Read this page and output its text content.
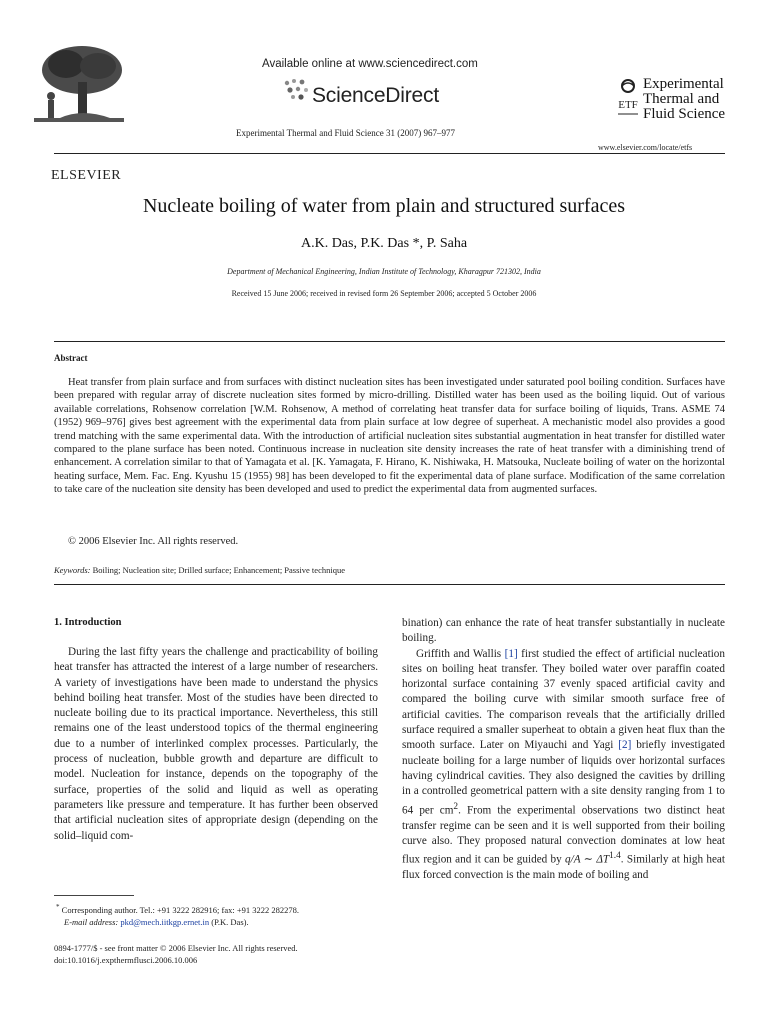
ELSEVIER
Available online at www.sciencedirect.com
ScienceDirect
Experimental Thermal and Fluid Science 31 (2007) 967–977
ETF
Experimental
Thermal and
Fluid Science
www.elsevier.com/locate/etfs
Nucleate boiling of water from plain and structured surfaces
A.K. Das, P.K. Das *, P. Saha
Department of Mechanical Engineering, Indian Institute of Technology, Kharagpur 721302, India
Received 15 June 2006; received in revised form 26 September 2006; accepted 5 October 2006
Abstract
Heat transfer from plain surface and from surfaces with distinct nucleation sites has been investigated under saturated pool boiling condition. Surfaces have been prepared with regular array of discrete nucleation sites formed by micro-drilling. Distilled water has been used as the boiling liquid. Out of various available correlations, Rohsenow correlation [W.M. Rohsenow, A method of correlating heat transfer data for surface boiling of liquids, Trans. ASME 74 (1952) 969–976] gives best agreement with the experimental data from plain surface at low degree of superheat. A mechanistic model also provides a good trend matching with the same experimental data. With the introduction of artificial nucleation sites substantial augmentation in heat transfer for distilled water compared to the plane surface has been noted. Continuous increase in nucleation site density increases the rate of heat transfer with a diminishing trend of enhancement. A correlation similar to that of Yamagata et al. [K. Yamagata, F. Hirano, K. Nishiwaka, H. Matsouka, Nucleate boiling of water on the horizontal heating surface, Mem. Fac. Eng. Kyushu 15 (1955) 98] has been developed to fit the experimental data of plane surface. Modification of the same correlation to take care of the nucleation site density has been developed and used to predict the experimental data from augmented surfaces.
© 2006 Elsevier Inc. All rights reserved.
Keywords: Boiling; Nucleation site; Drilled surface; Enhancement; Passive technique
1. Introduction
During the last fifty years the challenge and practicability of boiling heat transfer has attracted the interest of a large number of researchers. A variety of investigations have been made to understand the physics behind boiling heat transfer. Most of the studies have been directed to nucleate boiling due to its practical importance. Nevertheless, this still remains one of the least understood topics of the thermal engineering due to a number of interlinked complex processes. Particularly, the process of nucleation, bubble growth and departure are difficult to model. Nucleation for instance, depends on the topography of the surface, properties of the solid and liquid as well as operating parameters like pressure and temperature. It has further been observed that artificial nucleation sites of appropriate design (depending on the solid–liquid com-

bination) can enhance the rate of heat transfer substantially in nucleate boiling.

Griffith and Wallis [1] first studied the effect of artificial nucleation sites on boiling heat transfer. They boiled water over paraffin coated horizontal surface containing 37 evenly spaced artificial cavity and compared the boiling curve with similar smooth surface free of artificial cavities. The comparison reveals that the artificially drilled surface required a smaller superheat to obtain a given heat flux than the smooth surface. Later on Miyauchi and Yagi [2] briefly investigated nucleate boiling for a large number of liquids over horizontal surfaces having cylindrical cavities. They also designed the cavities by drilling in a controlled geometrical pattern with a site density ranging from 1 to 64 per $cm^2$. From the experimental observations two distinct heat transfer regime can be seen and it is well supported from their boiling curve also. They proposed natural convection dominates at low heat flux region and it can be guided by q/A ∼ $\Delta T^{1.4}$. Similarly at high heat flux forced convection is the main mode of boiling and

* Corresponding author. Tel.: +91 3222 282916; fax: +91 3222 282278.
E-mail address: pkd@mech.iitkgp.ernet.in (P.K. Das).
0894-1777/$ - see front matter © 2006 Elsevier Inc. All rights reserved.
doi:10.1016/j.expthermflusci.2006.10.006
